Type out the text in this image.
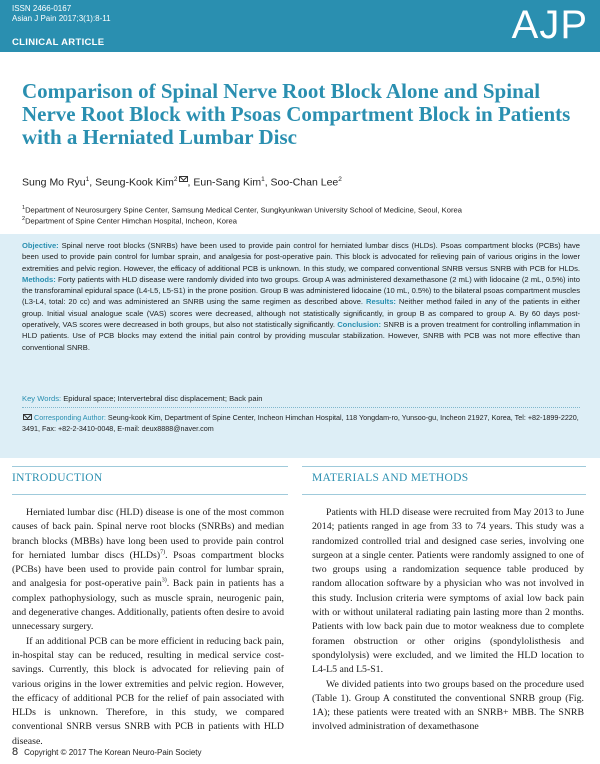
ISSN 2466-0167
Asian J Pain 2017;3(1):8-11
CLINICAL ARTICLE	AJP
Comparison of Spinal Nerve Root Block Alone and Spinal Nerve Root Block with Psoas Compartment Block in Patients with a Herniated Lumbar Disc
Sung Mo Ryu$^1$, Seung-Kook Kim$^2$ , Eun-Sang Kim$^1$, Soo-Chan Lee$^2$
$^1$Department of Neurosurgery Spine Center, Samsung Medical Center, Sungkyunkwan University School of Medicine, Seoul, Korea
$^2$Department of Spine Center Himchan Hospital, Incheon, Korea
Objective: Spinal nerve root blocks (SNRBs) have been used to provide pain control for herniated lumbar discs (HLDs). Psoas compartment blocks (PCBs) have been used to provide pain control for lumbar sprain, and analgesia for post-operative pain. This block is advocated for relieving pain of various origins in the lower extremities and pelvic region. However, the efficacy of additional PCB is unknown. In this study, we compared conventional SNRB versus SNRB with PCB for HLDs. Methods: Forty patients with HLD disease were randomly divided into two groups. Group A was administered dexamethasone (2 mL) with lidocaine (2 mL, 0.5%) into the transforaminal epidural space (L4-L5, L5-S1) in the prone position. Group B was administered lidocaine (10 mL, 0.5%) to the bilateral psoas compartment muscles (L3-L4, total: 20 cc) and was administered an SNRB using the same regimen as described above. Results: Neither method failed in any of the patients in either group. Initial visual analogue scale (VAS) scores were decreased, although not statistically significantly, in group B as compared to group A. By 60 days post-operatively, VAS scores were decreased in both groups, but also not statistically significantly. Conclusion: SNRB is a proven treatment for controlling inflammation in HLD patients. Use of PCB blocks may extend the initial pain control by providing muscular stabilization. However, SNRB with PCB was not more effective than conventional SNRB.
Key Words: Epidural space; Intervertebral disc displacement; Back pain
Corresponding Author: Seung-kook Kim, Department of Spine Center, Incheon Himchan Hospital, 118 Yongdam-ro, Yunsoo-gu, Incheon 21927, Korea, Tel: +82-1899-2220, 3491, Fax: +82-2-3410-0048, E-mail: deux8888@naver.com
INTRODUCTION	MATERIALS AND METHODS

Herniated lumbar disc (HLD) disease is one of the most common causes of back pain. Spinal nerve root blocks (SNRBs) and median branch blocks (MBBs) have long been used to provide pain control for herniated lumbar discs (HLDs)$^{7)}$. Psoas compartment blocks (PCBs) have been used to provide pain control for lumbar sprain, and analgesia for post-operative pain$^{3)}$. Back pain in patients has a complex pathophysiology, such as muscle sprain, neurogenic pain, and degenerative changes. Additionally, patients often desire to avoid unnecessary surgery.

If an additional PCB can be more efficient in reducing back pain, in-hospital stay can be reduced, resulting in medical service cost-savings. Currently, this block is advocated for relieving pain of various origins in the lower extremities and pelvic region. However, the efficacy of additional PCB for the relief of pain associated with HLDs is unknown. Therefore, in this study, we compared conventional SNRB versus SNRB with PCB in patients with HLD disease.

Patients with HLD disease were recruited from May 2013 to June 2014; patients ranged in age from 33 to 74 years. This study was a randomized controlled trial and designed case series, involving one surgeon at a single center. Patients were randomly assigned to one of two groups using a randomization sequence table produced by random allocation software by a physician who was not involved in this study. Inclusion criteria were symptoms of axial low back pain with or without unilateral radiating pain lasting more than 2 months. Patients with low back pain due to motor weakness due to complete foramen obstruction or other origins (spondylolisthesis and spondylolysis) were excluded, and we limited the HLD location to L4-L5 and L5-S1.

We divided patients into two groups based on the procedure used (Table 1). Group A constituted the conventional SNRB group (Fig. 1A); these patients were treated with an SNRB+ MBB. The SNRB involved administration of dexamethasone

8 Copyright © 2017 The Korean Neuro-Pain Society
